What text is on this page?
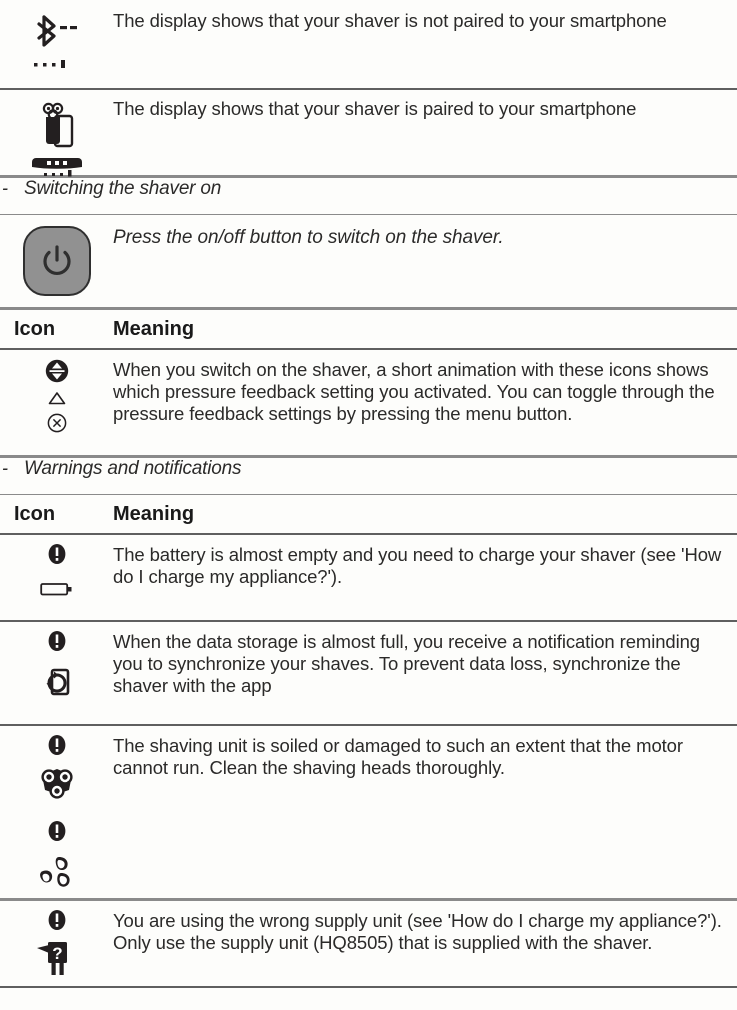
The display shows that your shaver is not paired to your smartphone
The display shows that your shaver is paired to your smartphone
- Switching the shaver on
Press the on/off button to switch on the shaver.
Icon	Meaning
When you switch on the shaver, a short animation with these icons shows which pressure feedback setting you activated. You can toggle through the pressure feedback settings by pressing the menu button.
- Warnings and notifications
Icon	Meaning
The battery is almost empty and you need to charge your shaver (see 'How do I charge my appliance?').
When the data storage is almost full, you receive a notification reminding you to synchronize your shaves. To prevent data loss, synchronize the shaver with the app
The shaving unit is soiled or damaged to such an extent that the motor cannot run. Clean the shaving heads thoroughly.
?
You are using the wrong supply unit (see 'How do I charge my appliance?'). Only use the supply unit (HQ8505) that is supplied with the shaver.
